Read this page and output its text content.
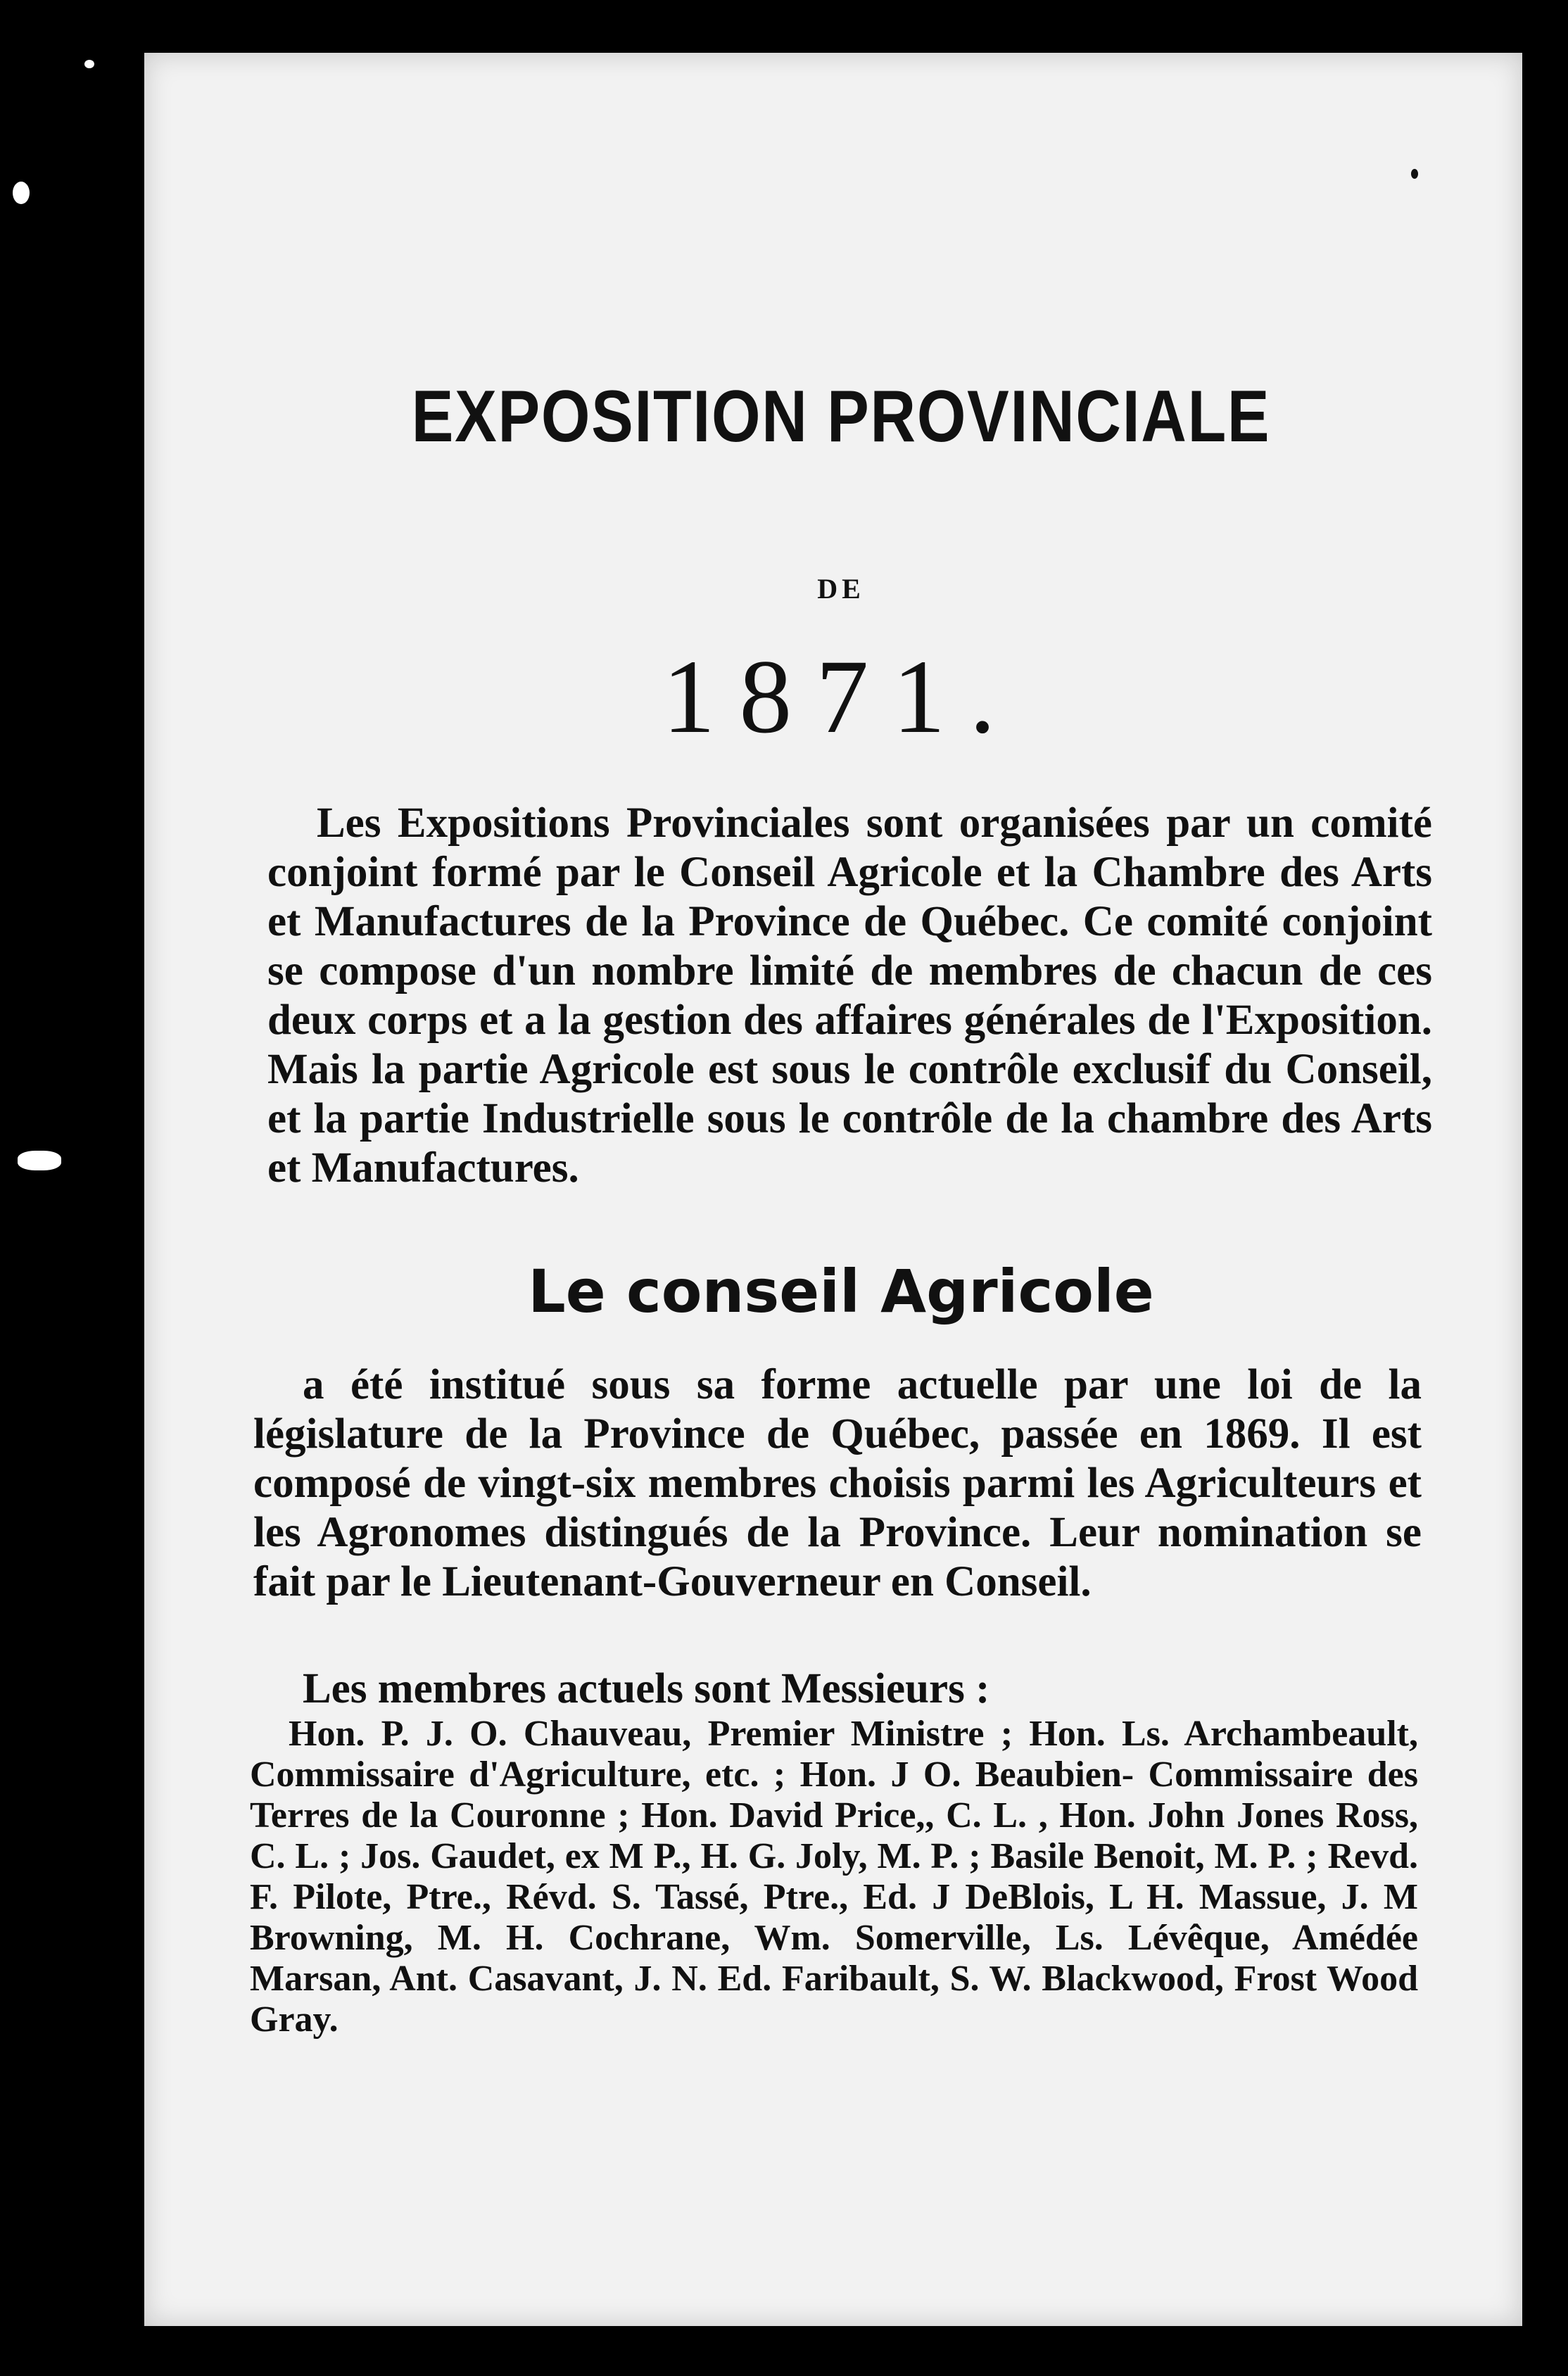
EXPOSITION PROVINCIALE

DE

1871.

Les Expositions Provinciales sont organisées par un comité conjoint formé par le Conseil Agricole et la Chambre des Arts et Manufactures de la Province de Québec. Ce comité conjoint se compose d'un nombre limité de membres de chacun de ces deux corps et a la gestion des affaires générales de l'Exposition. Mais la partie Agricole est sous le contrôle exclusif du Conseil, et la partie Industrielle sous le contrôle de la chambre des Arts et Manufactures.

Le conseil Agricole

a été institué sous sa forme actuelle par une loi de la législature de la Province de Québec, passée en 1869. Il est composé de vingt-six membres choisis parmi les Agriculteurs et les Agronomes distingués de la Province. Leur nomination se fait par le Lieutenant-Gouverneur en Conseil.

Les membres actuels sont Messieurs :

Hon. P. J. O. Chauveau, Premier Ministre ; Hon. Ls. Archambeault, Commissaire d'Agriculture, etc. ; Hon. J O. Beaubien- Commissaire des Terres de la Couronne ; Hon. David Price,, C. L. , Hon. John Jones Ross, C. L. ; Jos. Gaudet, ex M P., H. G. Joly, M. P. ; Basile Benoit, M. P. ; Revd. F. Pilote, Ptre., Révd. S. Tassé, Ptre., Ed. J DeBlois, L H. Massue, J. M Browning, M. H. Cochrane, Wm. Somerville, Ls. Lévêque, Amédée Marsan, Ant. Casavant, J. N. Ed. Faribault, S. W. Blackwood, Frost Wood Gray.
